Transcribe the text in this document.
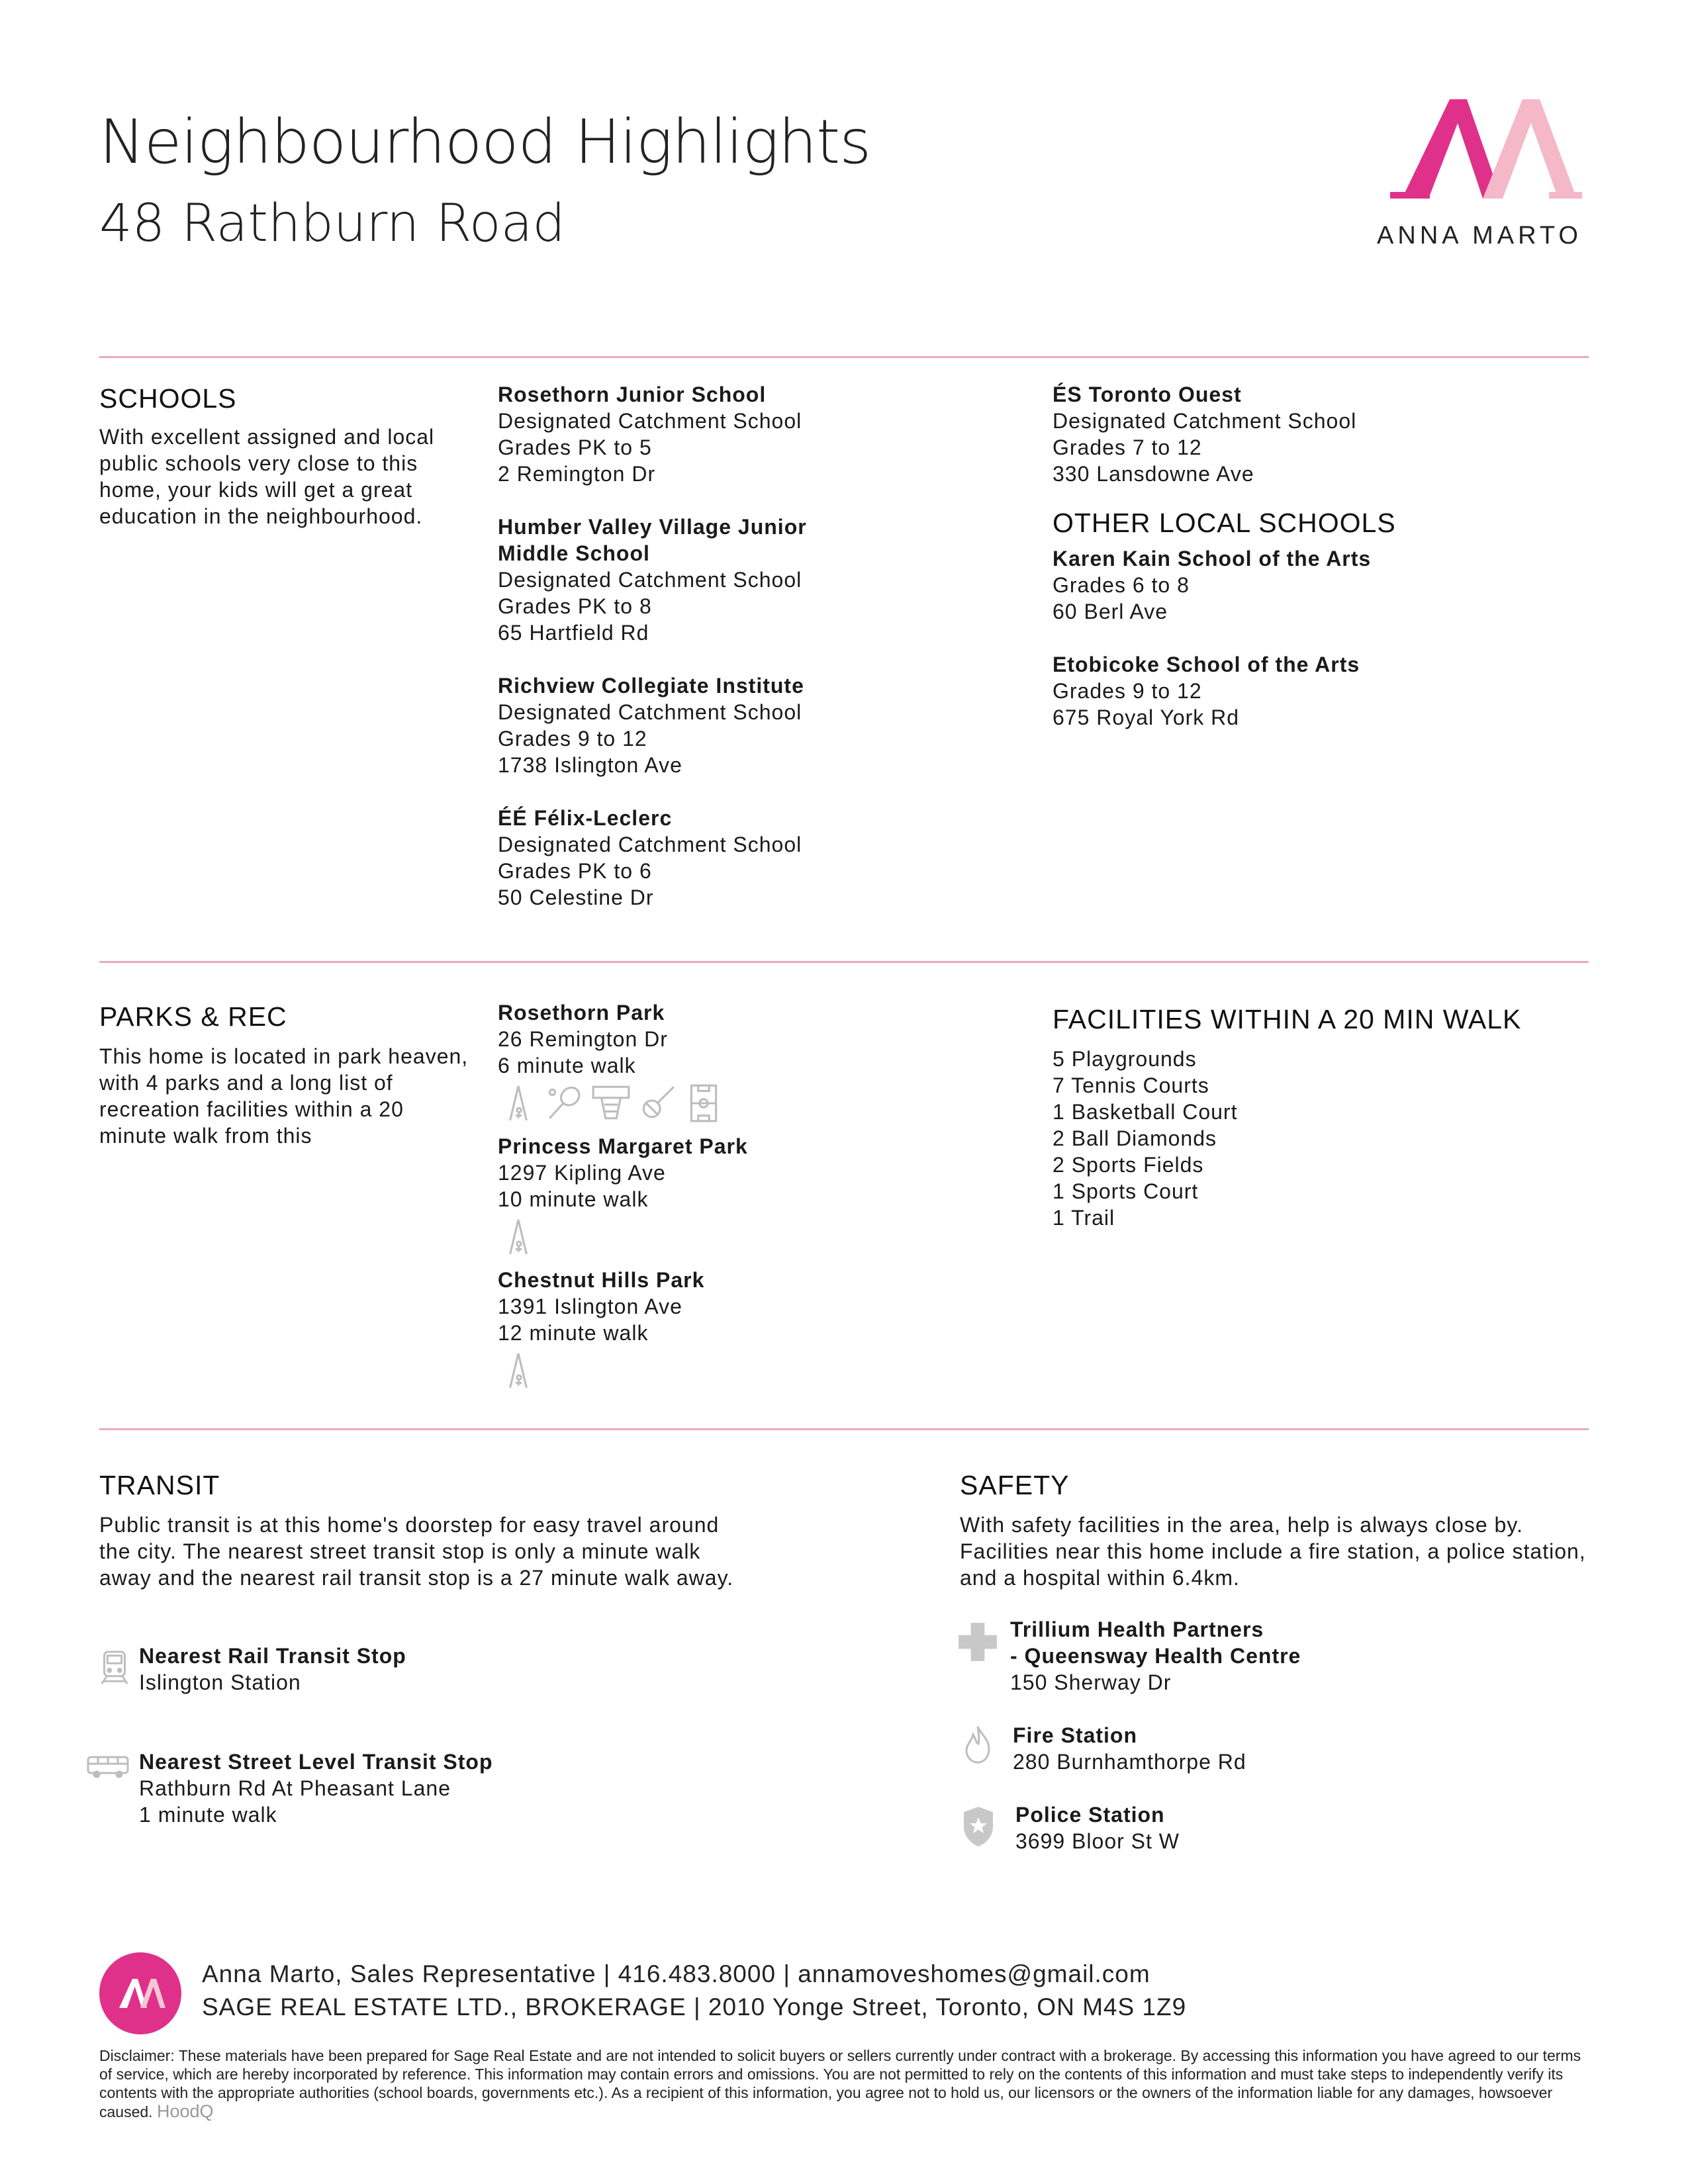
Neighbourhood Highlights
48 Rathburn Road	ANNA MARTO
SCHOOLS
With excellent assigned and local public schools very close to this home, your kids will get a great education in the neighbourhood.
Rosethorn Junior School
Designated Catchment School
Grades PK to 5
2 Remington Dr
Humber Valley Village Junior Middle School
Designated Catchment School
Grades PK to 8
65 Hartfield Rd
Richview Collegiate Institute
Designated Catchment School
Grades 9 to 12
1738 Islington Ave
ÉÉ Félix-Leclerc
Designated Catchment School
Grades PK to 6
50 Celestine Dr
ÉS Toronto Ouest
Designated Catchment School
Grades 7 to 12
330 Lansdowne Ave
OTHER LOCAL SCHOOLS
Karen Kain School of the Arts
Grades 6 to 8
60 Berl Ave
Etobicoke School of the Arts
Grades 9 to 12
675 Royal York Rd
PARKS & REC
This home is located in park heaven, with 4 parks and a long list of recreation facilities within a 20 minute walk from this
Rosethorn Park
26 Remington Dr
6 minute walk
Princess Margaret Park
1297 Kipling Ave
10 minute walk
Chestnut Hills Park
1391 Islington Ave
12 minute walk
FACILITIES WITHIN A 20 MIN WALK
5 Playgrounds
7 Tennis Courts
1 Basketball Court
2 Ball Diamonds
2 Sports Fields
1 Sports Court
1 Trail
TRANSIT
Public transit is at this home's doorstep for easy travel around the city. The nearest street transit stop is only a minute walk away and the nearest rail transit stop is a 27 minute walk away.
Nearest Rail Transit Stop
Islington Station
Nearest Street Level Transit Stop
Rathburn Rd At Pheasant Lane
1 minute walk
SAFETY
With safety facilities in the area, help is always close by. Facilities near this home include a fire station, a police station, and a hospital within 6.4km.
Trillium Health Partners
- Queensway Health Centre
150 Sherway Dr
Fire Station
280 Burnhamthorpe Rd
Police Station
3699 Bloor St W
Anna Marto, Sales Representative | 416.483.8000 | annamoveshomes@gmail.com
SAGE REAL ESTATE LTD., BROKERAGE | 2010 Yonge Street, Toronto, ON M4S 1Z9
Disclaimer: These materials have been prepared for Sage Real Estate and are not intended to solicit buyers or sellers currently under contract with a brokerage. By accessing this information you have agreed to our terms of service, which are hereby incorporated by reference. This information may contain errors and omissions. You are not permitted to rely on the contents of this information and must take steps to independently verify its contents with the appropriate authorities (school boards, governments etc.). As a recipient of this information, you agree not to hold us, our licensors or the owners of the information liable for any damages, howsoever caused. HoodQ
